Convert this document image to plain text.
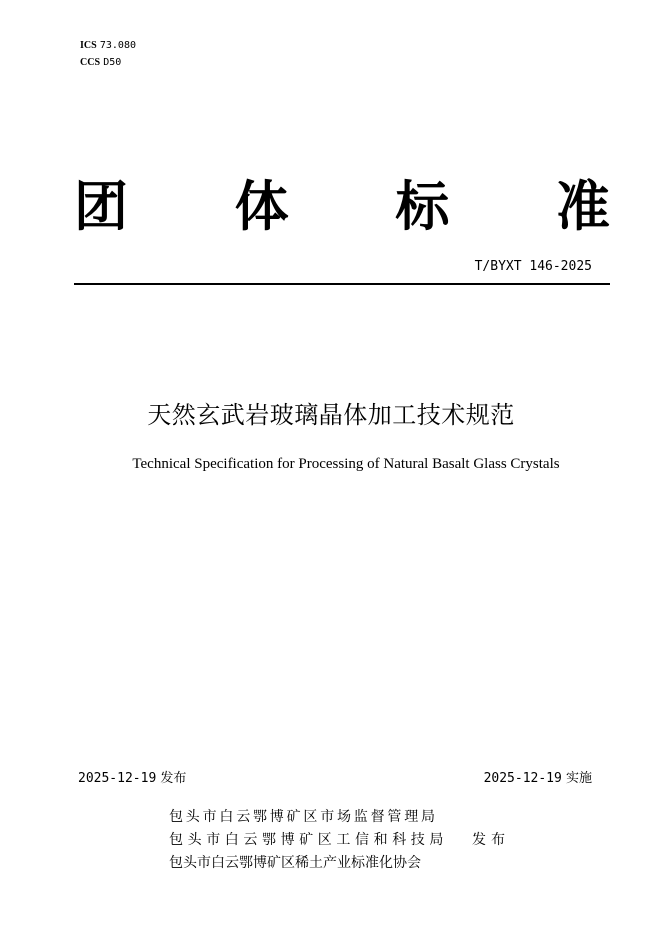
ICS 73.080
CCS D50
团 体 标 准
T/BYXT 146-2025
天然玄武岩玻璃晶体加工技术规范
Technical Specification for Processing of Natural Basalt Glass Crystals
2025-12-19 发布	2025-12-19 实施
包头市白云鄂博矿区市场监督管理局
包头市白云鄂博矿区工信和科技局
包头市白云鄂博矿区稀土产业标准化协会
发布
